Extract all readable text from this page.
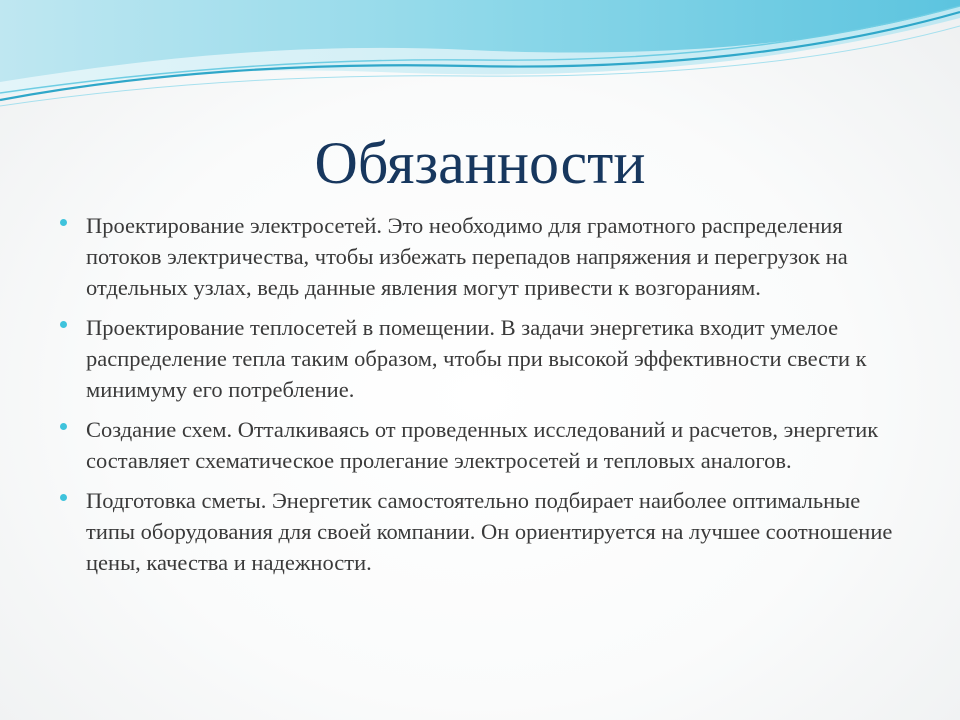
Обязанности
Проектирование электросетей. Это необходимо для грамотного распределения потоков электричества, чтобы избежать перепадов напряжения и перегрузок на отдельных узлах, ведь данные явления могут привести к возгораниям.
Проектирование теплосетей в помещении. В задачи энергетика входит умелое распределение тепла таким образом, чтобы при высокой эффективности свести к минимуму его потребление.
Создание схем. Отталкиваясь от проведенных исследований и расчетов, энергетик составляет схематическое пролегание электросетей и тепловых аналогов.
Подготовка сметы. Энергетик самостоятельно подбирает наиболее оптимальные типы оборудования для своей компании. Он ориентируется на лучшее соотношение цены, качества и надежности.
